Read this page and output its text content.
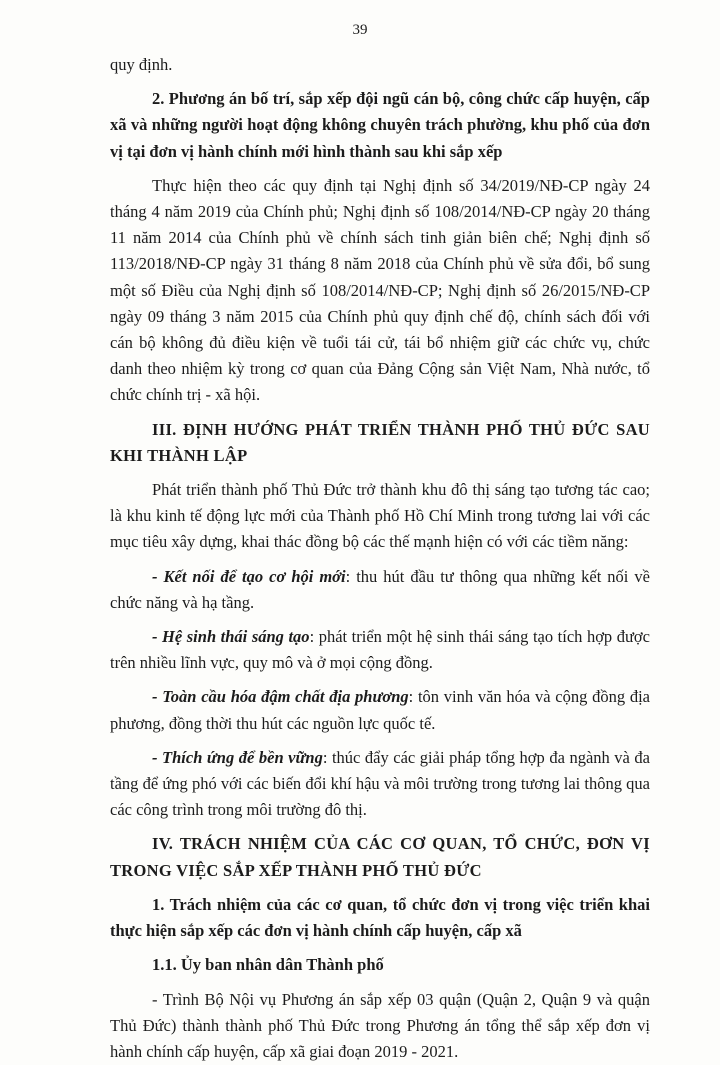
39

quy định.

2. Phương án bố trí, sắp xếp đội ngũ cán bộ, công chức cấp huyện, cấp xã và những người hoạt động không chuyên trách phường, khu phố của đơn vị tại đơn vị hành chính mới hình thành sau khi sắp xếp

Thực hiện theo các quy định tại Nghị định số 34/2019/NĐ-CP ngày 24 tháng 4 năm 2019 của Chính phủ; Nghị định số 108/2014/NĐ-CP ngày 20 tháng 11 năm 2014 của Chính phủ về chính sách tinh giản biên chế; Nghị định số 113/2018/NĐ-CP ngày 31 tháng 8 năm 2018 của Chính phủ về sửa đổi, bổ sung một số Điều của Nghị định số 108/2014/NĐ-CP; Nghị định số 26/2015/NĐ-CP ngày 09 tháng 3 năm 2015 của Chính phủ quy định chế độ, chính sách đối với cán bộ không đủ điều kiện về tuổi tái cử, tái bổ nhiệm giữ các chức vụ, chức danh theo nhiệm kỳ trong cơ quan của Đảng Cộng sản Việt Nam, Nhà nước, tổ chức chính trị - xã hội.

III. ĐỊNH HƯỚNG PHÁT TRIỂN THÀNH PHỐ THỦ ĐỨC SAU KHI THÀNH LẬP

Phát triển thành phố Thủ Đức trở thành khu đô thị sáng tạo tương tác cao; là khu kinh tế động lực mới của Thành phố Hồ Chí Minh trong tương lai với các mục tiêu xây dựng, khai thác đồng bộ các thế mạnh hiện có với các tiềm năng:

- Kết nối để tạo cơ hội mới: thu hút đầu tư thông qua những kết nối về chức năng và hạ tầng.

- Hệ sinh thái sáng tạo: phát triển một hệ sinh thái sáng tạo tích hợp được trên nhiều lĩnh vực, quy mô và ở mọi cộng đồng.

- Toàn cầu hóa đậm chất địa phương: tôn vinh văn hóa và cộng đồng địa phương, đồng thời thu hút các nguồn lực quốc tế.

- Thích ứng để bền vững: thúc đẩy các giải pháp tổng hợp đa ngành và đa tầng để ứng phó với các biến đổi khí hậu và môi trường trong tương lai thông qua các công trình trong môi trường đô thị.

IV. TRÁCH NHIỆM CỦA CÁC CƠ QUAN, TỔ CHỨC, ĐƠN VỊ TRONG VIỆC SẮP XẾP THÀNH PHỐ THỦ ĐỨC

1. Trách nhiệm của các cơ quan, tổ chức đơn vị trong việc triển khai thực hiện sắp xếp các đơn vị hành chính cấp huyện, cấp xã

1.1. Ủy ban nhân dân Thành phố

- Trình Bộ Nội vụ Phương án sắp xếp 03 quận (Quận 2, Quận 9 và quận Thủ Đức) thành thành phố Thủ Đức trong Phương án tổng thể sắp xếp đơn vị hành chính cấp huyện, cấp xã giai đoạn 2019 - 2021.
